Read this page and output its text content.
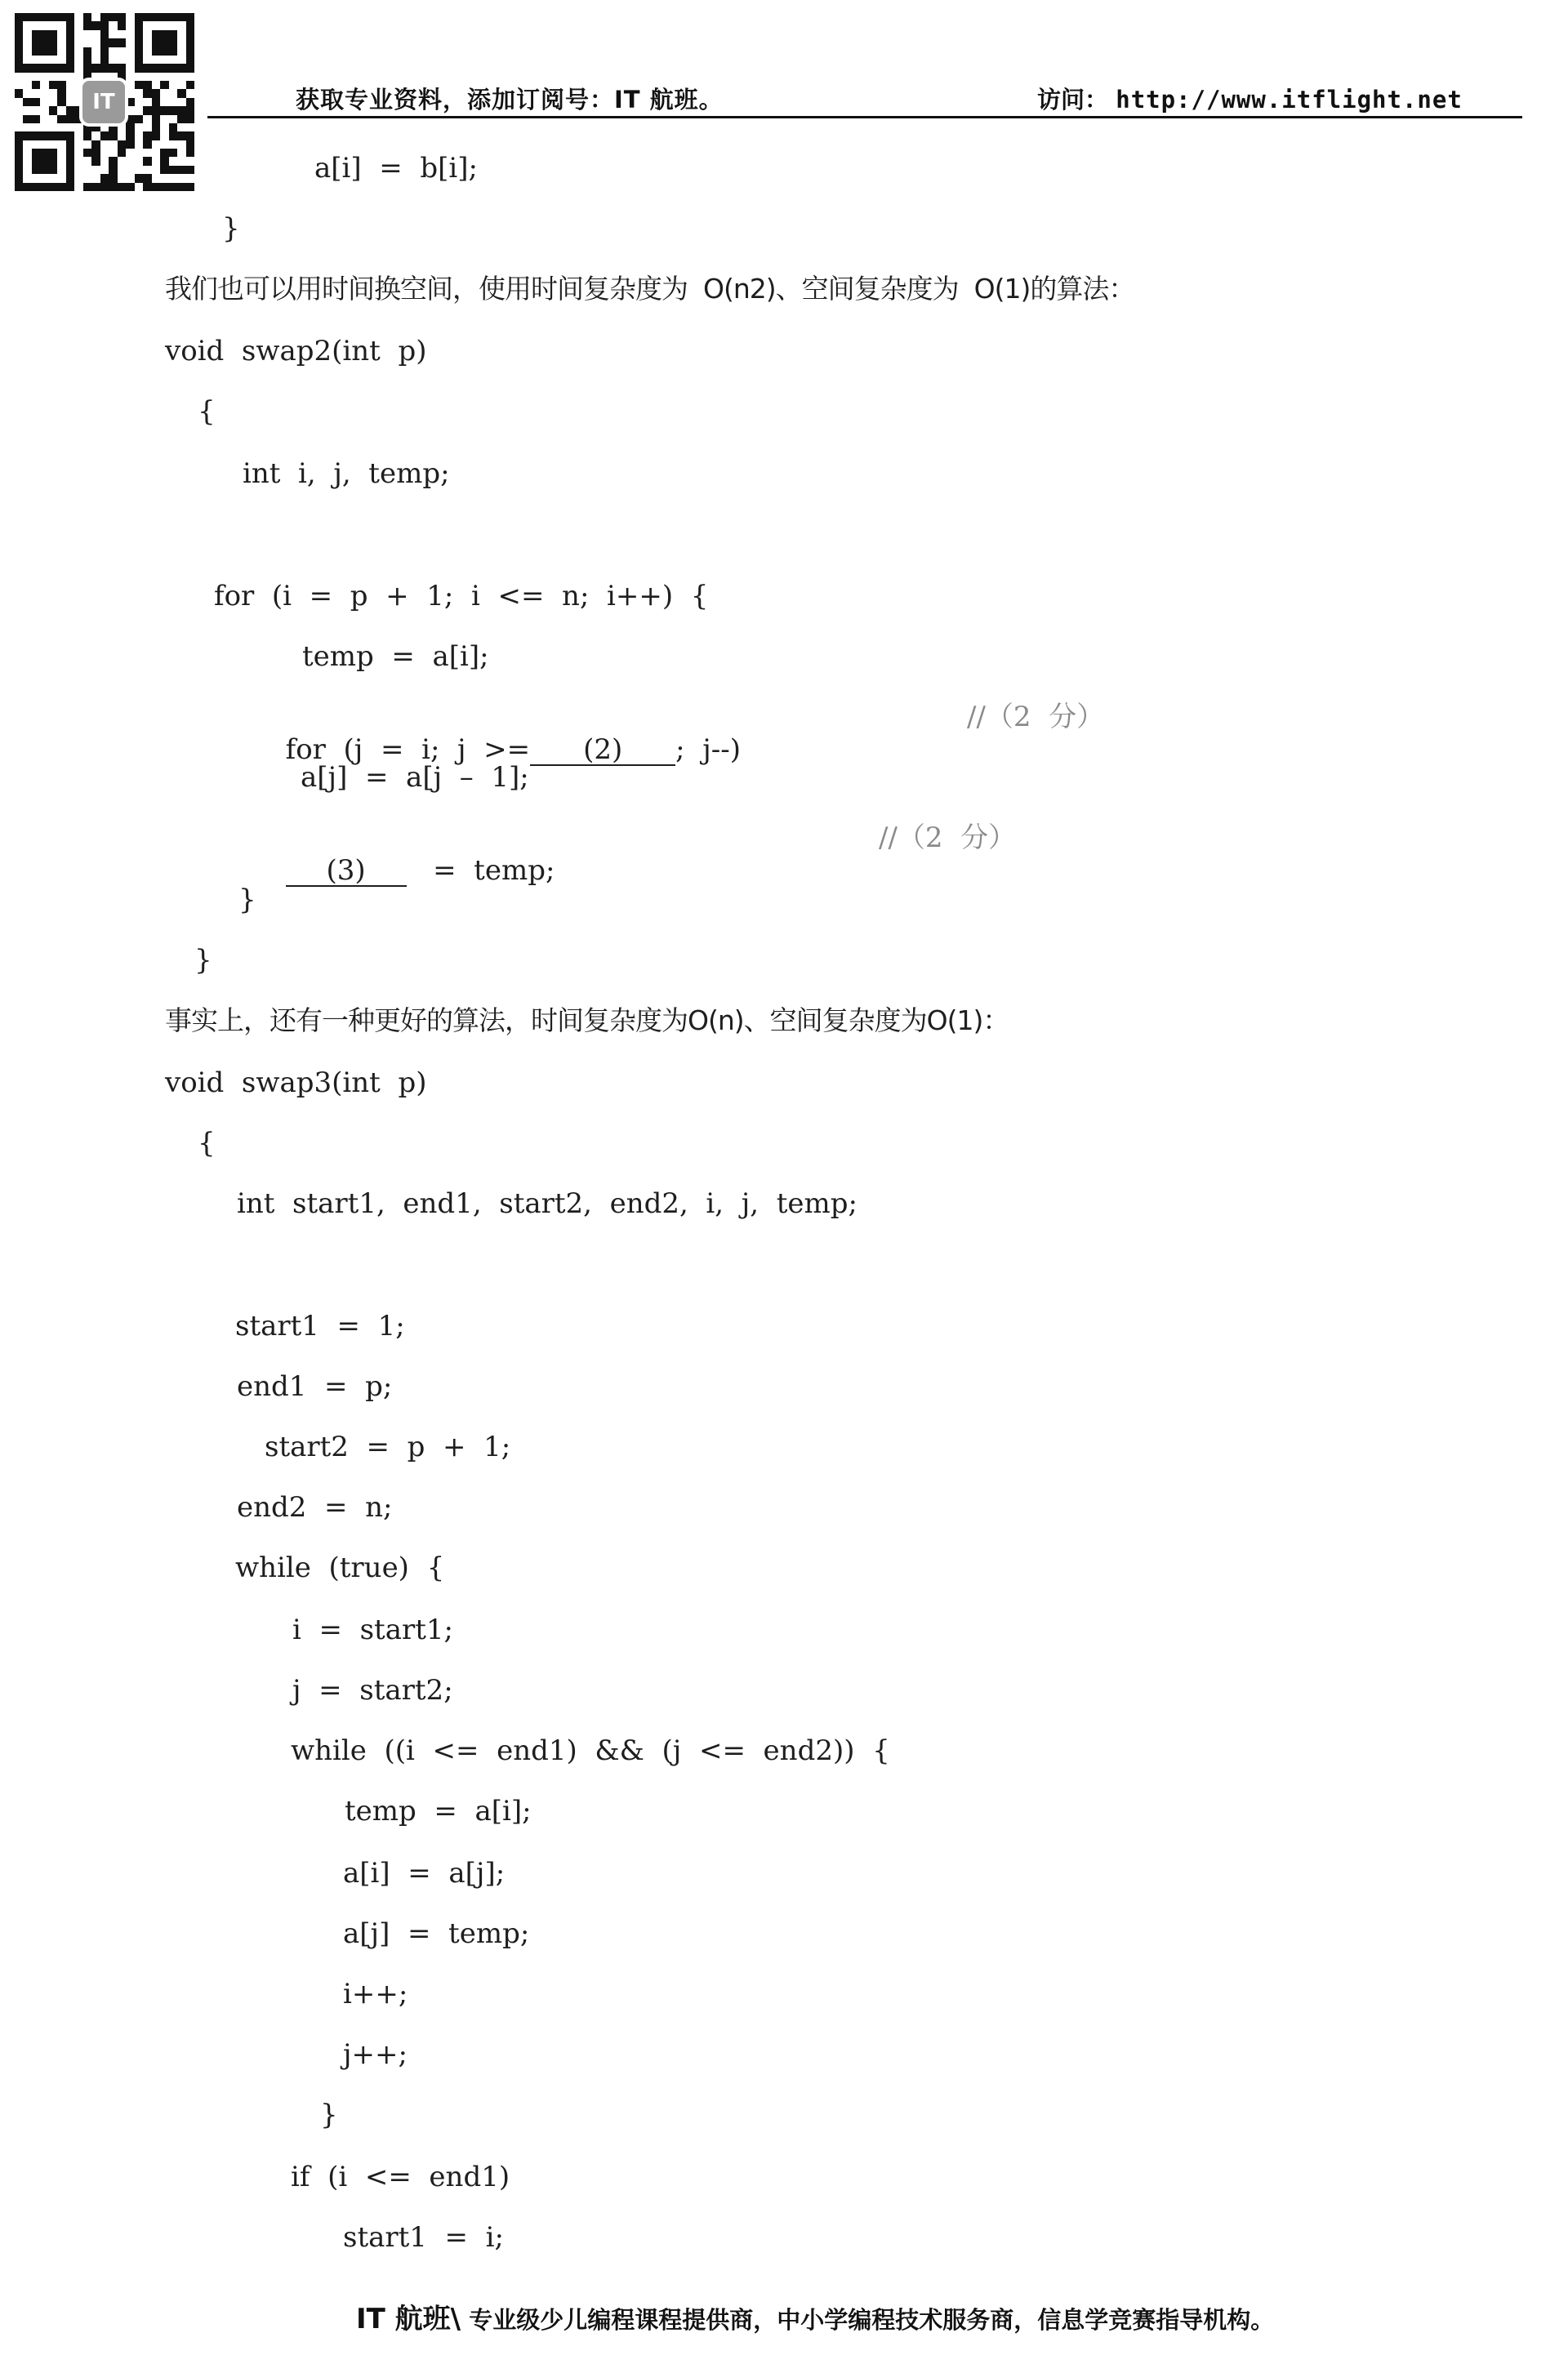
IT	获取专业资料，添加订阅号：IT 航班。	访问： http://www.itflight.net
a[i]  =  b[i];
}
我们也可以用时间换空间，使用时间复杂度为  O(n2)、空间复杂度为  O(1)的算法：
void  swap2(int  p)
{
int  i,  j,  temp;
for  (i  =  p  +  1;  i  <=  n;  i++)  {
temp  =  a[i];

for  (j  =  i;  j  >= (2) ;  j--)

//（2  分）
a[j]  =  a[j  –  1];

(3) =  temp;

//（2  分）
}
}
事实上，还有一种更好的算法，时间复杂度为O(n)、空间复杂度为O(1)：
void  swap3(int  p)
{
int  start1,  end1,  start2,  end2,  i,  j,  temp;
start1  =  1;
end1  =  p;
start2  =  p  +  1;
end2  =  n;
while  (true)  {
i  =  start1;
j  =  start2;
while  ((i  <=  end1)  &&  (j  <=  end2))  {
temp  =  a[i];
a[i]  =  a[j];
a[j]  =  temp;
i++;
j++;
}
if  (i  <=  end1)
start1  =  i;
IT 航班\ 专业级少儿编程课程提供商，中小学编程技术服务商，信息学竞赛指导机构。
